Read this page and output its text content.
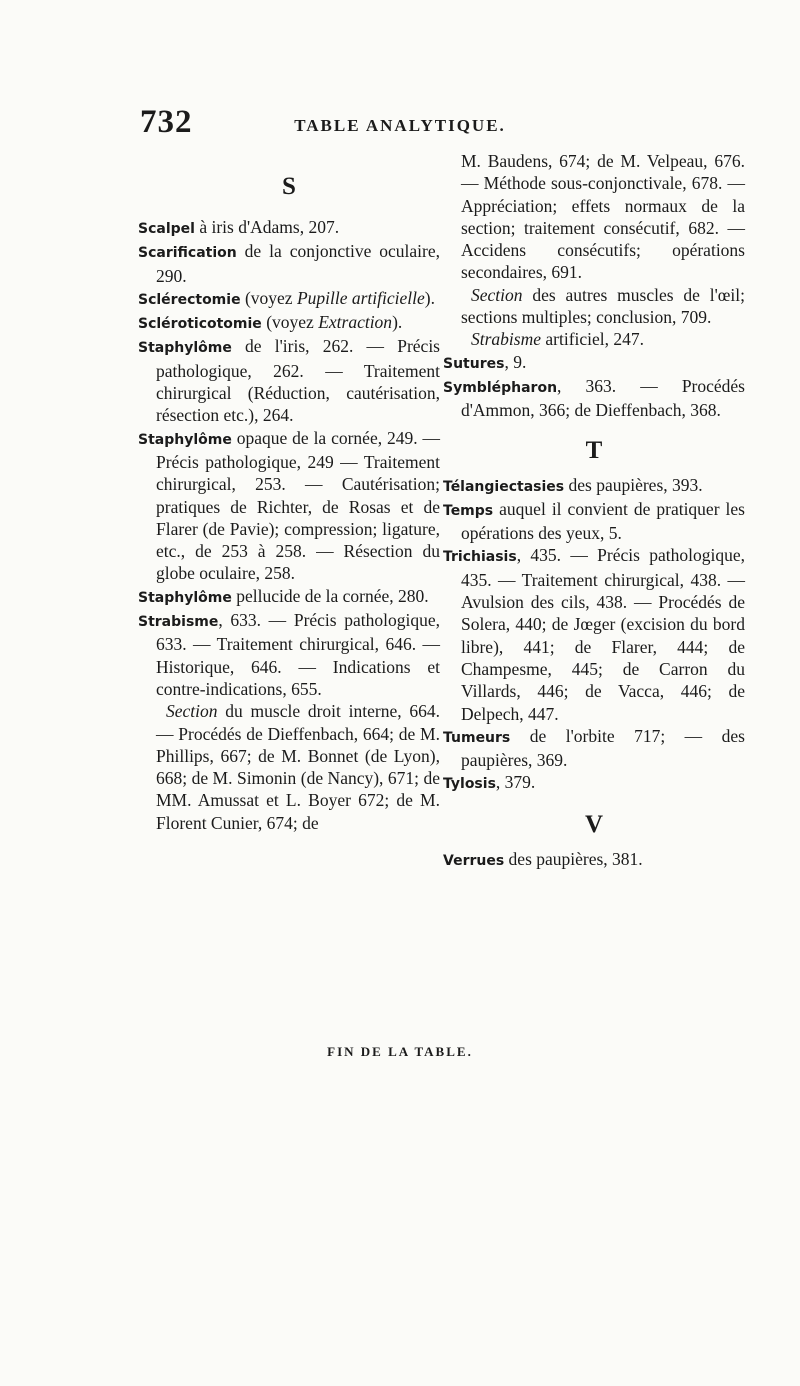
732	TABLE ANALYTIQUE.
S

Scalpel à iris d'Adams, 207.

Scarification de la conjonctive oculaire, 290.

Sclérectomie (voyez Pupille artificielle).

Scléroticotomie (voyez Extraction).

Staphylôme de l'iris, 262. — Précis pathologique, 262. — Traitement chirurgical (Réduction, cautérisation, résection etc.), 264.

Staphylôme opaque de la cornée, 249. — Précis pathologique, 249 — Traitement chirurgical, 253. — Cautérisation; pratiques de Richter, de Rosas et de Flarer (de Pavie); compression; ligature, etc., de 253 à 258. — Résection du globe oculaire, 258.

Staphylôme pellucide de la cornée, 280.

Strabisme, 633. — Précis pathologique, 633. — Traitement chirurgical, 646. — Historique, 646. — Indications et contre-indications, 655.

Section du muscle droit interne, 664. — Procédés de Dieffenbach, 664; de M. Phillips, 667; de M. Bonnet (de Lyon), 668; de M. Simonin (de Nancy), 671; de MM. Amussat et L. Boyer 672; de M. Florent Cunier, 674; de

M. Baudens, 674; de M. Velpeau, 676. — Méthode sous-conjonctivale, 678. — Appréciation; effets normaux de la section; traitement consécutif, 682. — Accidens consécutifs; opérations secondaires, 691.

Section des autres muscles de l'œil; sections multiples; conclusion, 709.

Strabisme artificiel, 247.

Sutures, 9.

Symblépharon, 363. — Procédés d'Ammon, 366; de Dieffenbach, 368.

T

Télangiectasies des paupières, 393.

Temps auquel il convient de pratiquer les opérations des yeux, 5.

Trichiasis, 435. — Précis pathologique, 435. — Traitement chirurgical, 438. — Avulsion des cils, 438. — Procédés de Solera, 440; de Jœger (excision du bord libre), 441; de Flarer, 444; de Champesme, 445; de Carron du Villards, 446; de Vacca, 446; de Delpech, 447.

Tumeurs de l'orbite 717; — des paupières, 369.

Tylosis, 379.

V

Verrues des paupières, 381.

FIN DE LA TABLE.
